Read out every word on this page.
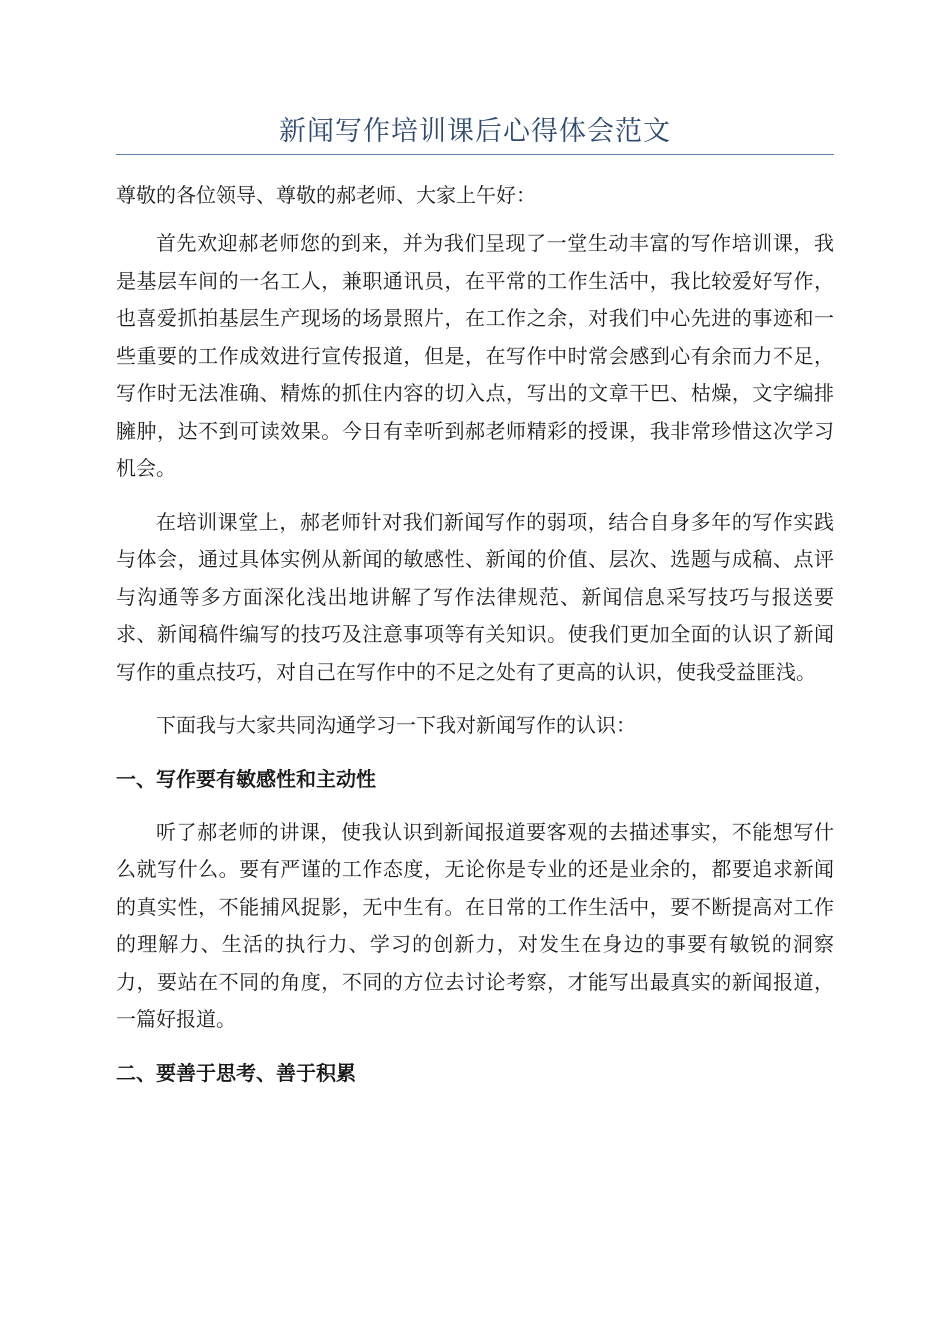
新闻写作培训课后心得体会范文

尊敬的各位领导、尊敬的郝老师、大家上午好：

首先欢迎郝老师您的到来，并为我们呈现了一堂生动丰富的写作培训课，我是基层车间的一名工人，兼职通讯员，在平常的工作生活中，我比较爱好写作，也喜爱抓拍基层生产现场的场景照片，在工作之余，对我们中心先进的事迹和一些重要的工作成效进行宣传报道，但是，在写作中时常会感到心有余而力不足，写作时无法准确、精炼的抓住内容的切入点，写出的文章干巴、枯燥，文字编排臃肿，达不到可读效果。今日有幸听到郝老师精彩的授课，我非常珍惜这次学习机会。

在培训课堂上，郝老师针对我们新闻写作的弱项，结合自身多年的写作实践与体会，通过具体实例从新闻的敏感性、新闻的价值、层次、选题与成稿、点评与沟通等多方面深化浅出地讲解了写作法律规范、新闻信息采写技巧与报送要求、新闻稿件编写的技巧及注意事项等有关知识。使我们更加全面的认识了新闻写作的重点技巧，对自己在写作中的不足之处有了更高的认识，使我受益匪浅。

下面我与大家共同沟通学习一下我对新闻写作的认识：

一、写作要有敏感性和主动性

听了郝老师的讲课，使我认识到新闻报道要客观的去描述事实，不能想写什么就写什么。要有严谨的工作态度，无论你是专业的还是业余的，都要追求新闻的真实性，不能捕风捉影，无中生有。在日常的工作生活中，要不断提高对工作的理解力、生活的执行力、学习的创新力，对发生在身边的事要有敏锐的洞察力，要站在不同的角度，不同的方位去讨论考察，才能写出最真实的新闻报道，一篇好报道。

二、要善于思考、善于积累
